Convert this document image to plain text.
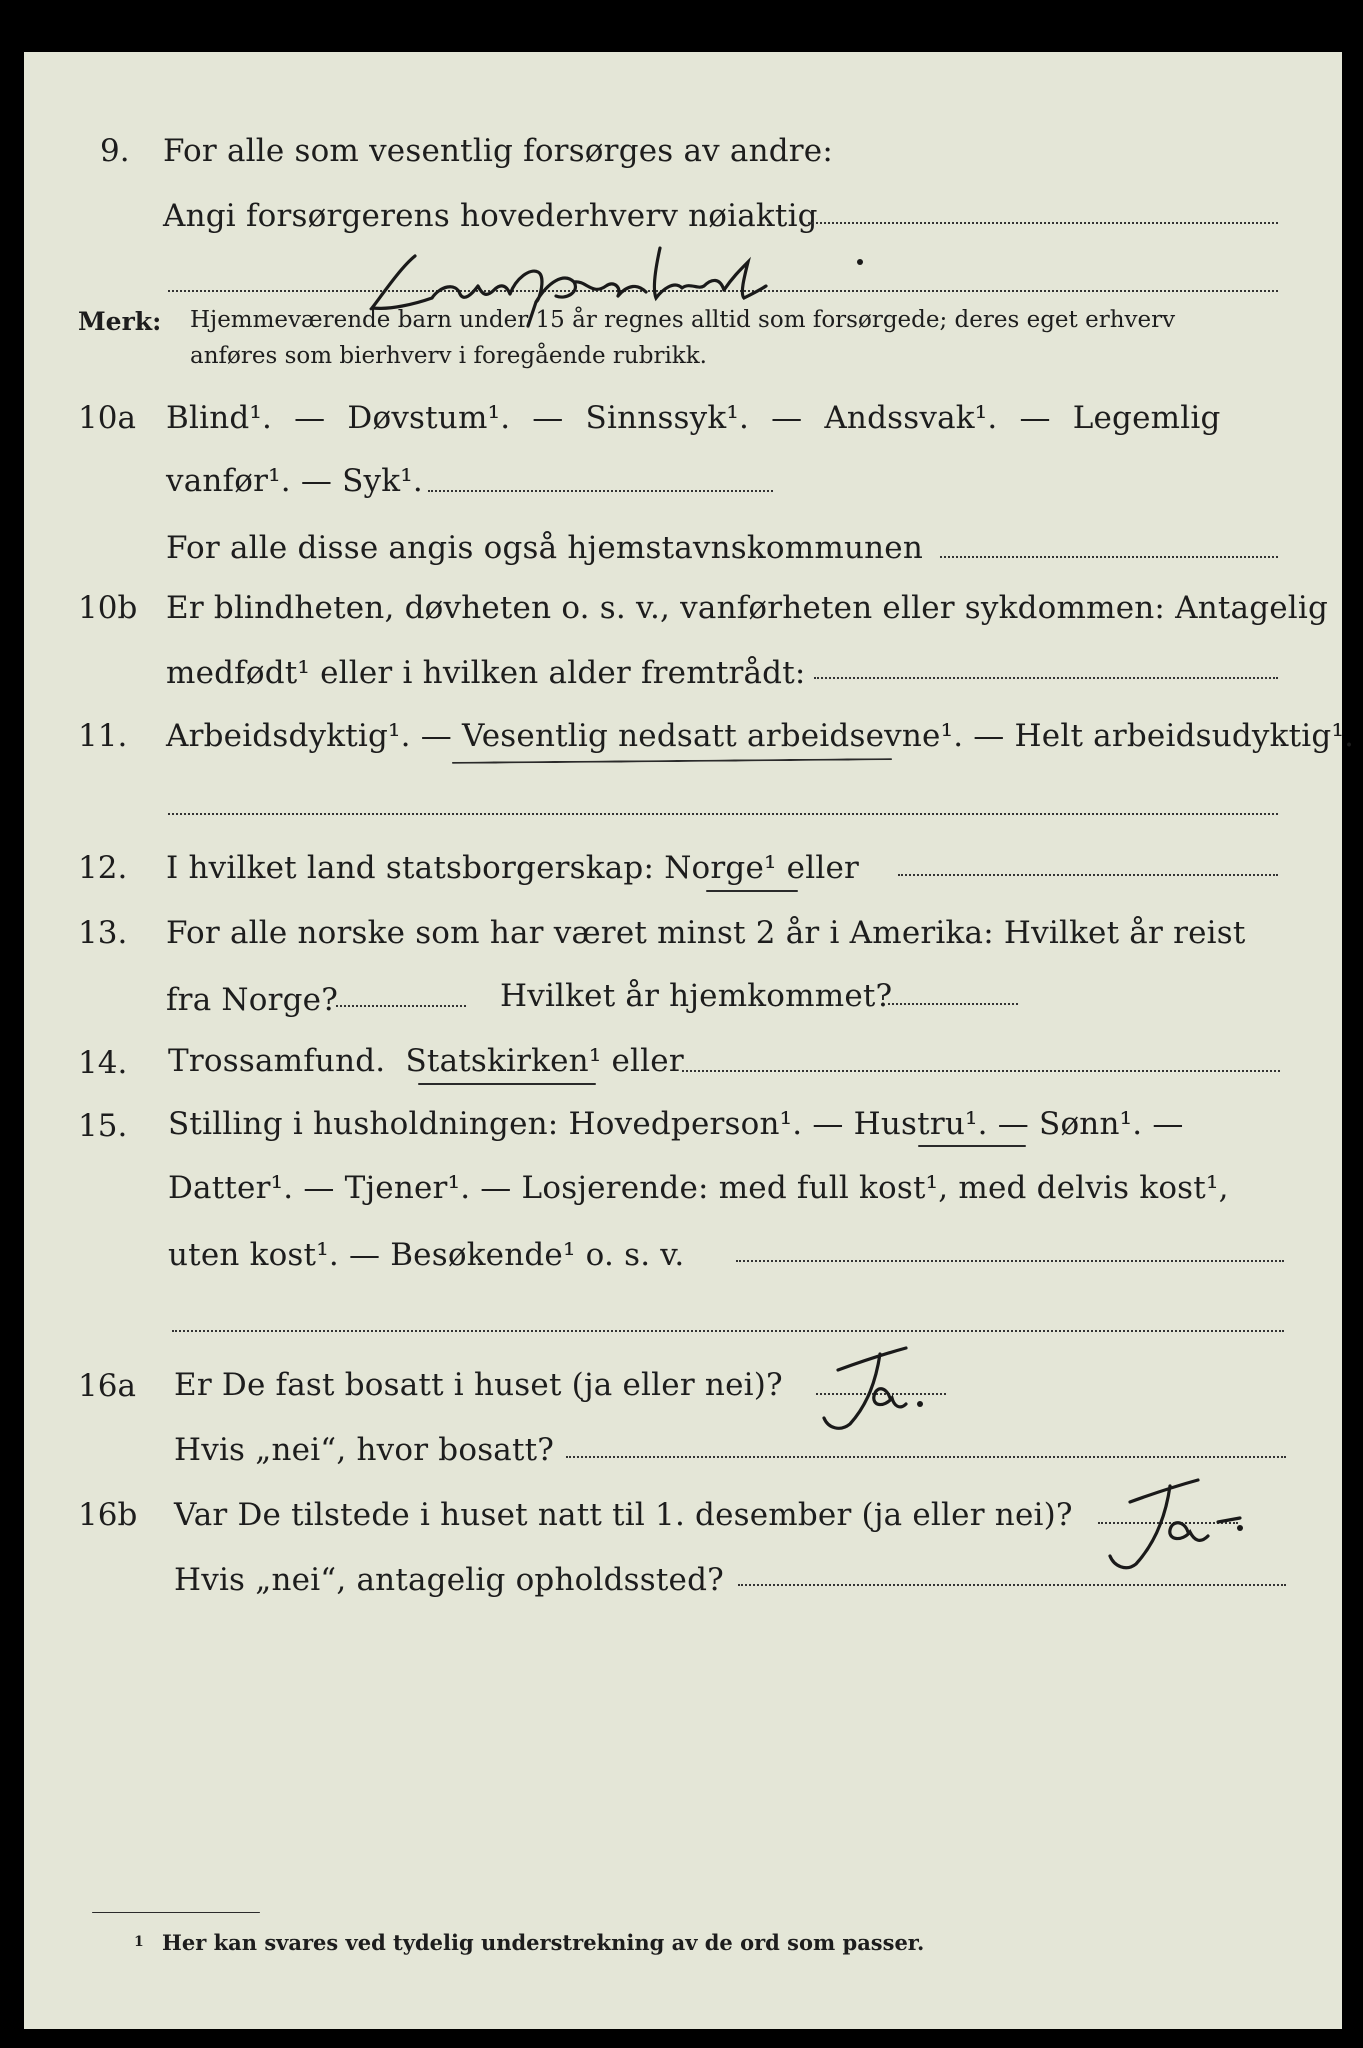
9. For alle som vesentlig forsørges av andre:
Angi forsørgerens hovederhverv nøiaktig
Merk: Hjemmeværende barn under 15 år regnes alltid som forsørgede; deres eget erhverv
anføres som bierhverv i foregående rubrikk.
10a Blind¹. — Døvstum¹. — Sinnssyk¹. — Andssvak¹. — Legemlig
vanfør¹. — Syk¹.
For alle disse angis også hjemstavnskommunen
10b Er blindheten, døvheten o. s. v., vanførheten eller sykdommen: Antagelig
medfødt¹ eller i hvilken alder fremtrådt:
11. Arbeidsdyktig¹. — Vesentlig nedsatt arbeidsevne¹. — Helt arbeidsudyktig¹.
12. I hvilket land statsborgerskap: Norge¹ eller
13. For alle norske som har været minst 2 år i Amerika: Hvilket år reist
fra Norge?	Hvilket år hjemkommet?
14. Trossamfund. Statskirken¹ eller
15. Stilling i husholdningen: Hovedperson¹. — Hustru¹. — Sønn¹. —
Datter¹. — Tjener¹. — Losjerende: med full kost¹, med delvis kost¹,
uten kost¹. — Besøkende¹ o. s. v.
16a Er De fast bosatt i huset (ja eller nei)?
Hvis „nei“, hvor bosatt?
16b Var De tilstede i huset natt til 1. desember (ja eller nei)?
Hvis „nei“, antagelig opholdssted?
1 Her kan svares ved tydelig understrekning av de ord som passer.
